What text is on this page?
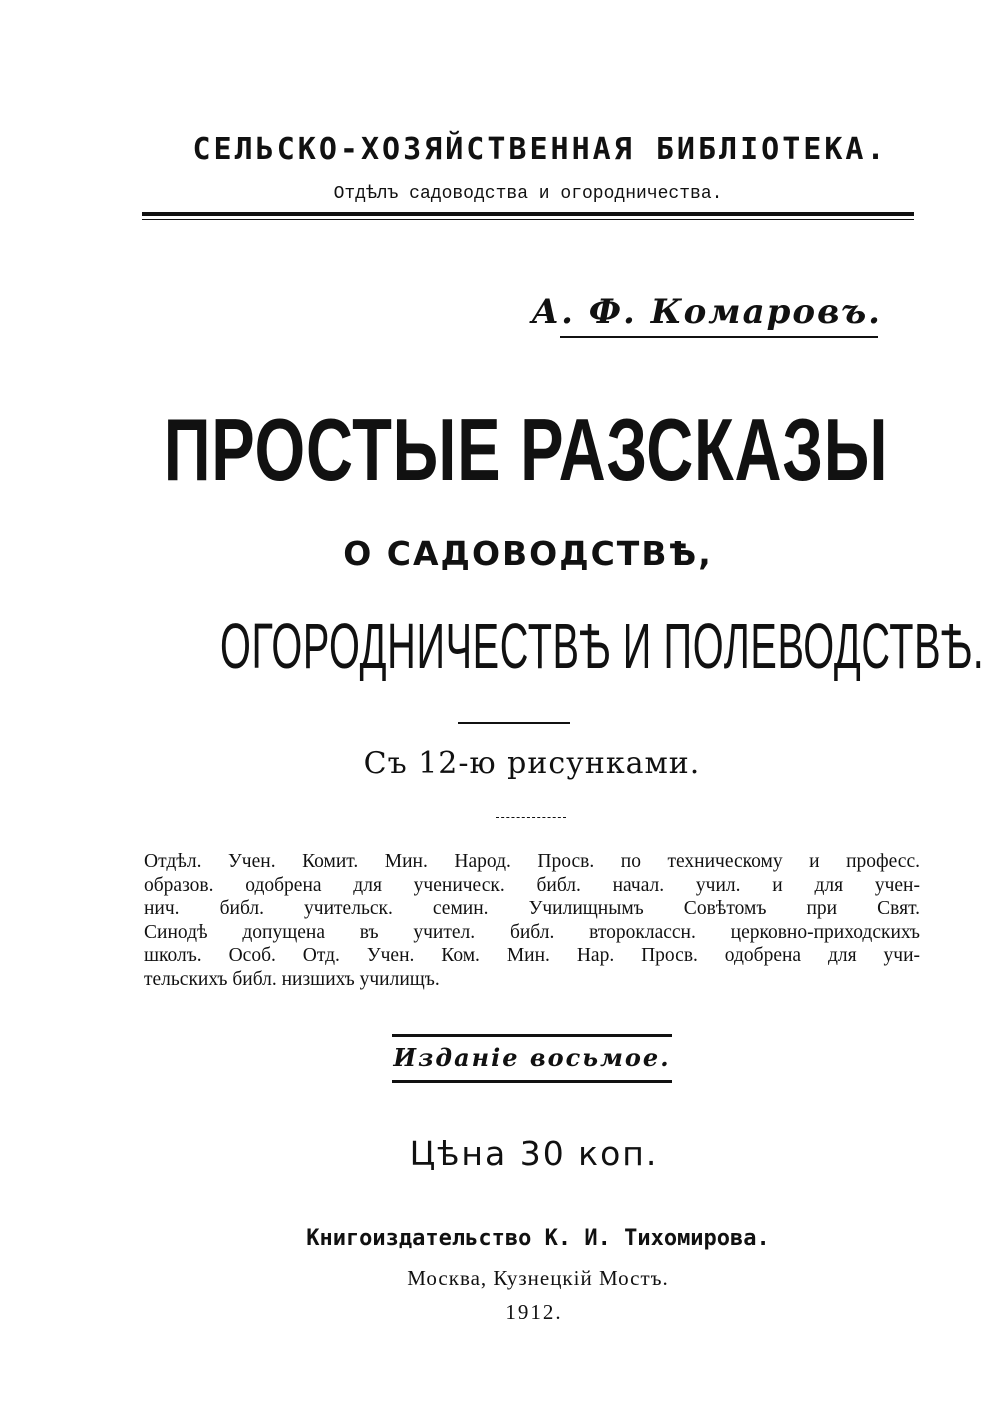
СЕЛЬСКО-ХОЗЯЙСТВЕННАЯ БИБЛІОТЕКА.
Отдѣлъ садоводства и огородничества.
А. Ф. Комаровъ.
ПРОСТЫЕ РАЗСКАЗЫ
О САДОВОДСТВѢ,
ОГОРОДНИЧЕСТВѢ И ПОЛЕВОДСТВѢ.
Съ 12-ю рисунками.
Отдѣл. Учен. Комит. Мин. Народ. Просв. по техническому и професс.
образов. одобрена для ученическ. библ. начал. учил. и для учен-
нич. библ. учительск. семин. Училищнымъ Совѣтомъ при Свят.
Синодѣ допущена въ учител. библ. второклассн. церковно-приходскихъ
школъ. Особ. Отд. Учен. Ком. Мин. Нар. Просв. одобрена для учи-
тельскихъ библ. низшихъ училищъ.
Изданіе восьмое.
Цѣна 30 коп.
Книгоиздательство К. И. Тихомирова.
Москва, Кузнецкій Мостъ.
1912.
